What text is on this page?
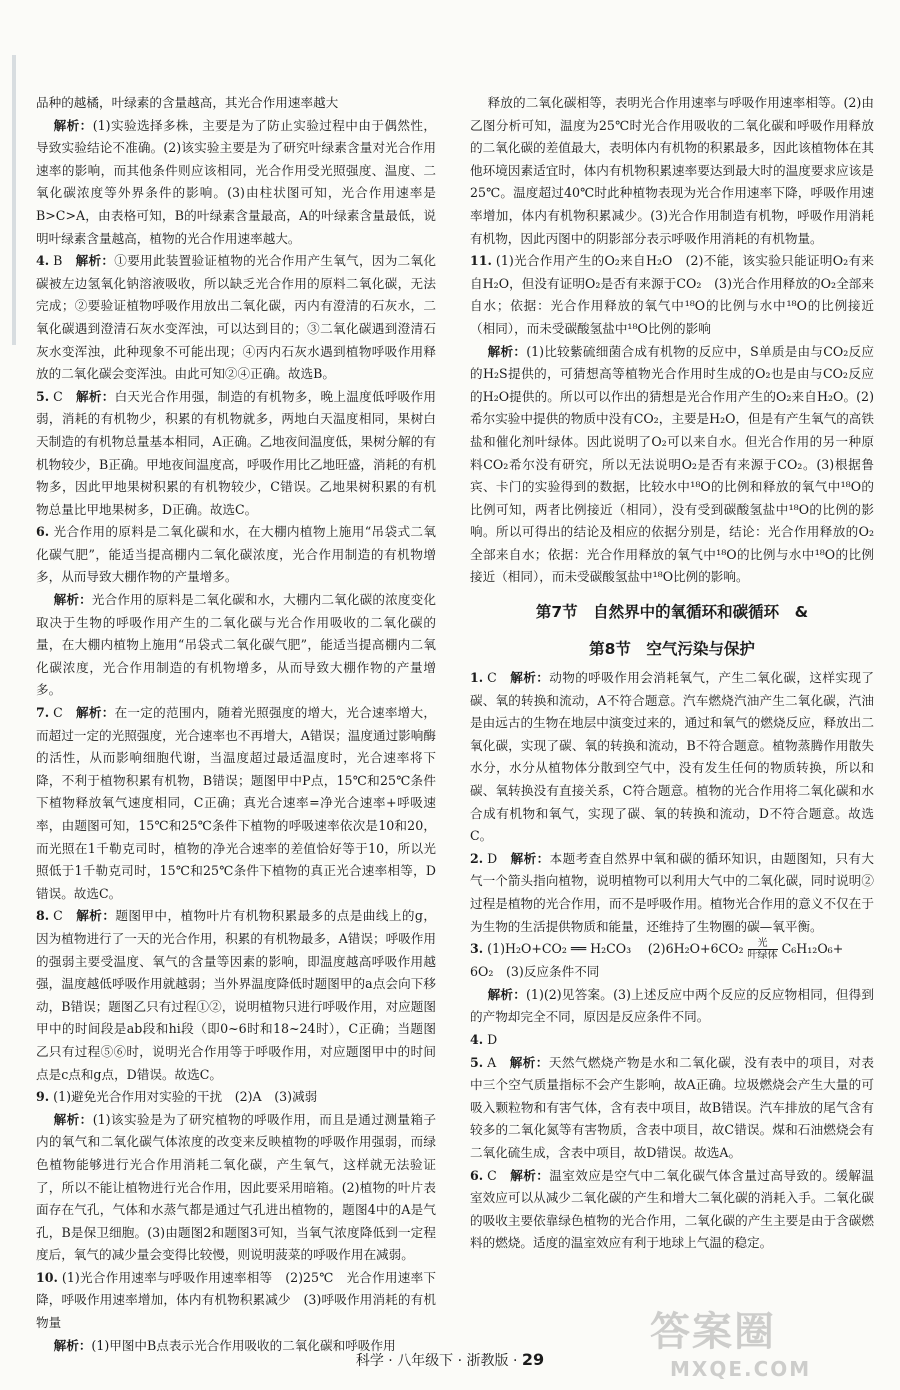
品种的越橘，叶绿素的含量越高，其光合作用速率越大

解析：(1)实验选择多株，主要是为了防止实验过程中由于偶然性，导致实验结论不准确。(2)该实验主要是为了研究叶绿素含量对光合作用速率的影响，而其他条件则应该相同，光合作用受光照强度、温度、二氧化碳浓度等外界条件的影响。(3)由柱状图可知，光合作用速率是B>C>A，由表格可知，B的叶绿素含量最高，A的叶绿素含量最低，说明叶绿素含量越高，植物的光合作用速率越大。

4. B　 解析：①要用此装置验证植物的光合作用产生氧气，因为二氧化碳被左边氢氧化钠溶液吸收，所以缺乏光合作用的原料二氧化碳，无法完成；②要验证植物呼吸作用放出二氧化碳，丙内有澄清的石灰水，二氧化碳遇到澄清石灰水变浑浊，可以达到目的；③二氧化碳遇到澄清石灰水变浑浊，此种现象不可能出现；④丙内石灰水遇到植物呼吸作用释放的二氧化碳会变浑浊。由此可知②④正确。故选B。

5. C　 解析：白天光合作用强，制造的有机物多，晚上温度低呼吸作用弱，消耗的有机物少，积累的有机物就多，两地白天温度相同，果树白天制造的有机物总量基本相同，A正确。乙地夜间温度低，果树分解的有机物较少，B正确。甲地夜间温度高，呼吸作用比乙地旺盛，消耗的有机物多，因此甲地果树积累的有机物较少，C错误。乙地果树积累的有机物总量比甲地果树多，D正确。故选C。

6. 光合作用的原料是二氧化碳和水，在大棚内植物上施用“吊袋式二氧化碳气肥”，能适当提高棚内二氧化碳浓度，光合作用制造的有机物增多，从而导致大棚作物的产量增多。

解析：光合作用的原料是二氧化碳和水，大棚内二氧化碳的浓度变化取决于生物的呼吸作用产生的二氧化碳与光合作用吸收的二氧化碳的量，在大棚内植物上施用“吊袋式二氧化碳气肥”，能适当提高棚内二氧化碳浓度，光合作用制造的有机物增多，从而导致大棚作物的产量增多。

7. C　 解析：在一定的范围内，随着光照强度的增大，光合速率增大，而超过一定的光照强度，光合速率也不再增大，A错误；温度通过影响酶的活性，从而影响细胞代谢，当温度超过最适温度时，光合速率将下降，不利于植物积累有机物，B错误；题图甲中P点，15℃和25℃条件下植物释放氧气速度相同，C正确；真光合速率=净光合速率+呼吸速率，由题图可知，15℃和25℃条件下植物的呼吸速率依次是10和20，而光照在1千勒克司时，植物的净光合速率的差值恰好等于10，所以光照低于1千勒克司时，15℃和25℃条件下植物的真正光合速率相等，D错误。故选C。

8. C　 解析：题图甲中，植物叶片有机物积累最多的点是曲线上的g，因为植物进行了一天的光合作用，积累的有机物最多，A错误；呼吸作用的强弱主要受温度、氧气的含量等因素的影响，即温度越高呼吸作用越强，温度越低呼吸作用就越弱；当外界温度降低时题图甲的a点会向下移动，B错误；题图乙只有过程①②，说明植物只进行呼吸作用，对应题图甲中的时间段是ab段和hi段（即0~6时和18~24时），C正确；当题图乙只有过程⑤⑥时，说明光合作用等于呼吸作用，对应题图甲中的时间点是c点和g点，D错误。故选C。

9. (1)避免光合作用对实验的干扰　(2)A　(3)减弱

解析：(1)该实验是为了研究植物的呼吸作用，而且是通过测量箱子内的氧气和二氧化碳气体浓度的改变来反映植物的呼吸作用强弱，而绿色植物能够进行光合作用消耗二氧化碳，产生氧气，这样就无法验证了，所以不能让植物进行光合作用，因此要采用暗箱。(2)植物的叶片表面存在气孔，气体和水蒸气都是通过气孔进出植物的，题图4中的A是气孔，B是保卫细胞。(3)由题图2和题图3可知，当氧气浓度降低到一定程度后，氧气的减少量会变得比较慢，则说明菠菜的呼吸作用在减弱。

10. (1)光合作用速率与呼吸作用速率相等　(2)25℃　光合作用速率下降，呼吸作用速率增加，体内有机物积累减少　(3)呼吸作用消耗的有机物量

解析：(1)甲图中B点表示光合作用吸收的二氧化碳和呼吸作用

释放的二氧化碳相等，表明光合作用速率与呼吸作用速率相等。(2)由乙图分析可知，温度为25℃时光合作用吸收的二氧化碳和呼吸作用释放的二氧化碳的差值最大，表明体内有机物的积累最多，因此该植物体在其他环境因素适宜时，体内有机物积累速率要达到最大时的温度要求应该是25℃。温度超过40℃时此种植物表现为光合作用速率下降，呼吸作用速率增加，体内有机物积累减少。(3)光合作用制造有机物，呼吸作用消耗有机物，因此丙图中的阴影部分表示呼吸作用消耗的有机物量。

11. (1)光合作用产生的O₂来自H₂O　(2)不能，该实验只能证明O₂有来自H₂O，但没有证明O₂是否有来源于CO₂　(3)光合作用释放的O₂全部来自水；依据：光合作用释放的氧气中¹⁸O的比例与水中¹⁸O的比例接近（相同），而未受碳酸氢盐中¹⁸O比例的影响

解析：(1)比较紫硫细菌合成有机物的反应中，S单质是由与CO₂反应的H₂S提供的，可猜想高等植物光合作用时生成的O₂也是由与CO₂反应的H₂O提供的。所以可以作出的猜想是光合作用产生的O₂来自H₂O。(2)希尔实验中提供的物质中没有CO₂，主要是H₂O，但是有产生氧气的高铁盐和催化剂叶绿体。因此说明了O₂可以来自水。但光合作用的另一种原料CO₂希尔没有研究，所以无法说明O₂是否有来源于CO₂。(3)根据鲁宾、卡门的实验得到的数据，比较水中¹⁸O的比例和释放的氧气中¹⁸O的比例可知，两者比例接近（相同），没有受到碳酸氢盐中¹⁸O的比例的影响。所以可得出的结论及相应的依据分别是，结论：光合作用释放的O₂全部来自水；依据：光合作用释放的氧气中¹⁸O的比例与水中¹⁸O的比例接近（相同），而未受碳酸氢盐中¹⁸O比例的影响。

第7节　自然界中的氧循环和碳循环　&
第8节　空气污染与保护

1. C　 解析：动物的呼吸作用会消耗氧气，产生二氧化碳，这样实现了碳、氧的转换和流动，A不符合题意。汽车燃烧汽油产生二氧化碳，汽油是由远古的生物在地层中演变过来的，通过和氧气的燃烧反应，释放出二氧化碳，实现了碳、氧的转换和流动，B不符合题意。植物蒸腾作用散失水分，水分从植物体分散到空气中，没有发生任何的物质转换，所以和碳、氧转换没有直接关系，C符合题意。植物的光合作用将二氧化碳和水合成有机物和氧气，实现了碳、氧的转换和流动，D不符合题意。故选C。

2. D　 解析：本题考查自然界中氧和碳的循环知识，由题图知，只有大气一个箭头指向植物，说明植物可以利用大气中的二氧化碳，同时说明②过程是植物的光合作用，而不是呼吸作用。植物光合作用的意义不仅在于为生物的生活提供物质和能量，还维持了生物圈的碳—氧平衡。

3. (1)H₂O+CO₂ ══ H₂CO₃　 $(2)6H_2O+6CO_2 \frac{\text{光}}{\text{叶绿体}} C_6H_{12}O_6+$

6O₂　(3)反应条件不同

解析：(1)(2)见答案。(3)上述反应中两个反应的反应物相同，但得到的产物却完全不同，原因是反应条件不同。

4. D

5. A　 解析：天然气燃烧产物是水和二氧化碳，没有表中的项目，对表中三个空气质量指标不会产生影响，故A正确。垃圾燃烧会产生大量的可吸入颗粒物和有害气体，含有表中项目，故B错误。汽车排放的尾气含有较多的二氧化氮等有害物质，含表中项目，故C错误。煤和石油燃烧会有二氧化硫生成，含表中项目，故D错误。故选A。

6. C　 解析：温室效应是空气中二氧化碳气体含量过高导致的。缓解温室效应可以从减少二氧化碳的产生和增大二氧化碳的消耗入手。二氧化碳的吸收主要依靠绿色植物的光合作用，二氧化碳的产生主要是由于含碳燃料的燃烧。适度的温室效应有利于地球上气温的稳定。

科学 · 八年级下 · 浙教版 · 29
答案圈
MXQE.COM
